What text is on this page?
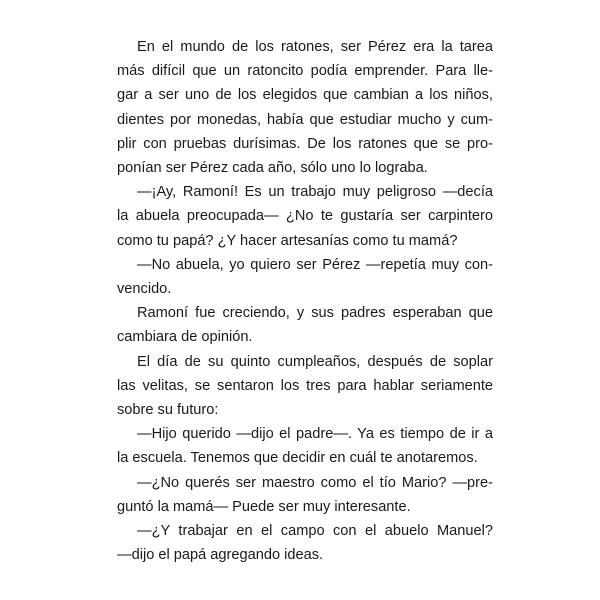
En el mundo de los ratones, ser Pérez era la tarea
más difícil que un ratoncito podía emprender. Para lle-
gar a ser uno de los elegidos que cambian a los niños,
dientes por monedas, había que estudiar mucho y cum-
plir con pruebas durísimas. De los ratones que se pro-
ponían ser Pérez cada año, sólo uno lo lograba.

—¡Ay, Ramoní! Es un trabajo muy peligroso —decía
la abuela preocupada— ¿No te gustaría ser carpintero
como tu papá? ¿Y hacer artesanías como tu mamá?

—No abuela, yo quiero ser Pérez —repetía muy con-
vencido.

Ramoní fue creciendo, y sus padres esperaban que
cambiara de opinión.

El día de su quinto cumpleaños, después de soplar
las velitas, se sentaron los tres para hablar seriamente
sobre su futuro:

—Hijo querido —dijo el padre—. Ya es tiempo de ir a
la escuela. Tenemos que decidir en cuál te anotaremos.

—¿No querés ser maestro como el tío Mario? —pre-
guntó la mamá— Puede ser muy interesante.

—¿Y trabajar en el campo con el abuelo Manuel?
—dijo el papá agregando ideas.
